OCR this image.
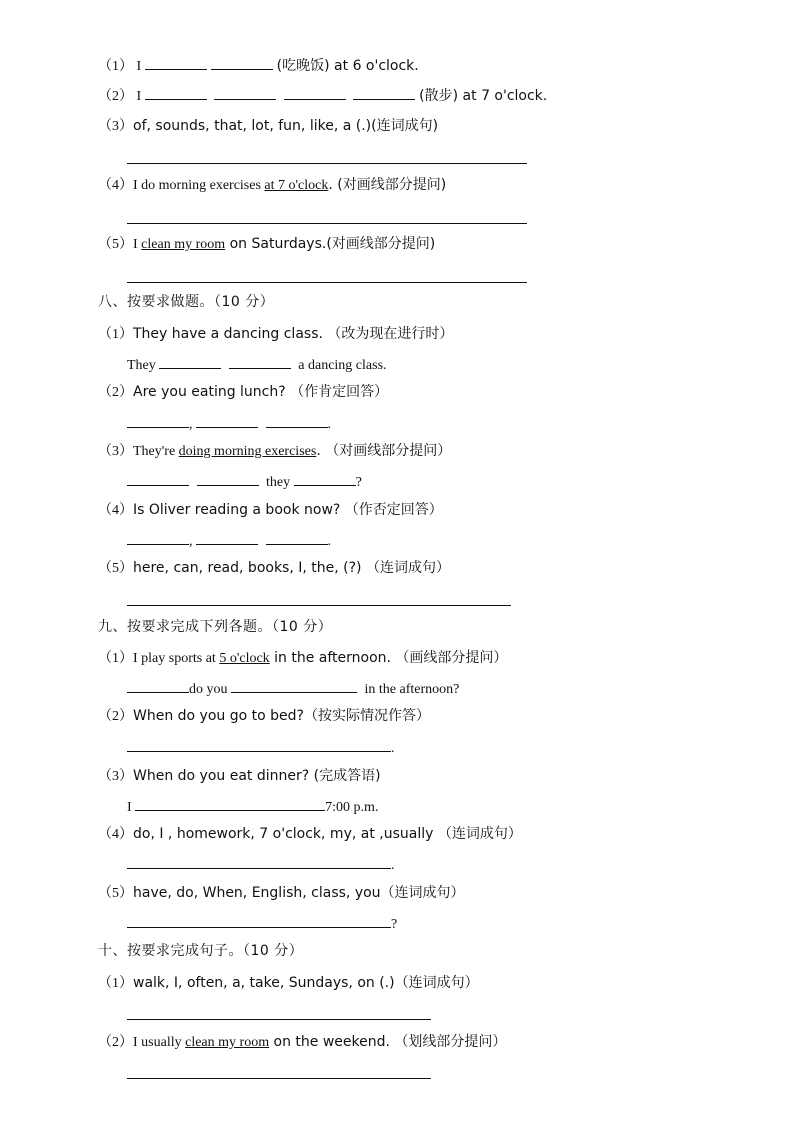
（1） I	(吃晚饭) at 6 o'clock.
（2） I	(散步) at 7 o'clock.
（3）of, sounds, that, lot, fun, like, a (.)(连词成句)
（4）I do morning exercises at 7 o'clock. (对画线部分提问)
（5）I clean my room on Saturdays.(对画线部分提问)
八、按要求做题。（10 分）
（1）They have a dancing class. （改为现在进行时）
They	a dancing class.
（2）Are you eating lunch? （作肯定回答）
,	.
（3）They're doing morning exercises. （对画线部分提问）
they	?
（4）Is Oliver reading a book now? （作否定回答）
,	.
（5）here, can, read, books, I, the, (?) （连词成句）
九、按要求完成下列各题。（10 分）
（1）I play sports at 5 o'clock in the afternoon. （画线部分提问）
do you	in the afternoon?
（2）When do you go to bed?（按实际情况作答）
.
（3）When do you eat dinner? (完成答语)
I	7:00 p.m.
（4）do, I , homework, 7 o'clock, my, at ,usually （连词成句）
.
（5）have, do, When, English, class, you（连词成句）
?
十、按要求完成句子。（10 分）
（1）walk, I, often, a, take, Sundays, on (.)（连词成句）
（2）I usually clean my room on the weekend. （划线部分提问）
